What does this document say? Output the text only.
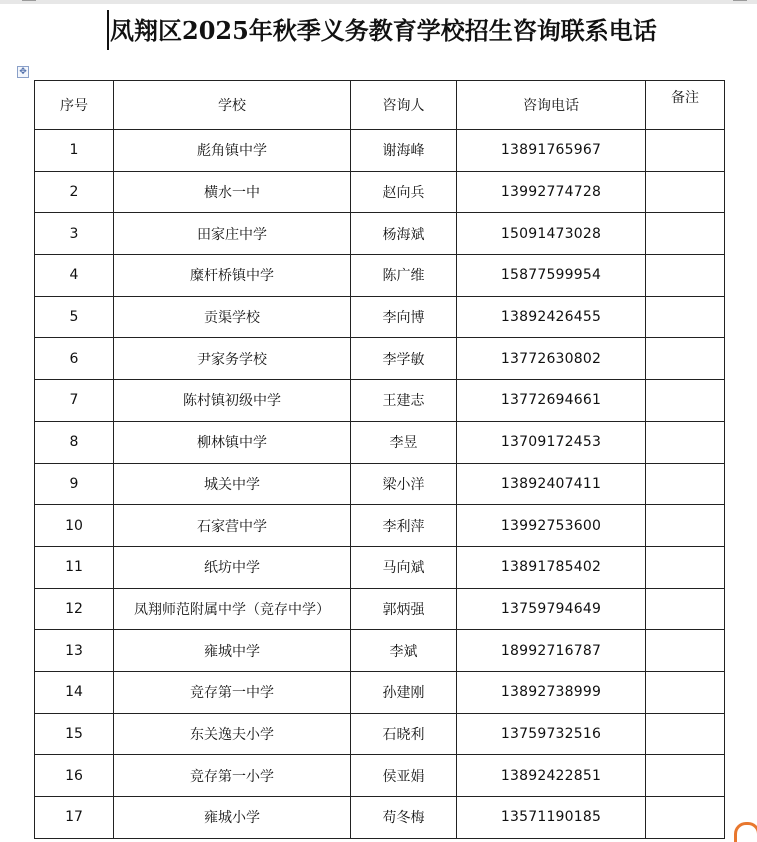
凤翔区2025年秋季义务教育学校招生咨询联系电话
✥
序号	学校	咨询人	咨询电话	备注
1	彪角镇中学	谢海峰	13891765967	
2	横水一中	赵向兵	13992774728	
3	田家庄中学	杨海斌	15091473028	
4	糜杆桥镇中学	陈广维	15877599954	
5	贡渠学校	李向博	13892426455	
6	尹家务学校	李学敏	13772630802	
7	陈村镇初级中学	王建志	13772694661	
8	柳林镇中学	李昱	13709172453	
9	城关中学	梁小洋	13892407411	
10	石家营中学	李利萍	13992753600	
11	纸坊中学	马向斌	13891785402	
12	凤翔师范附属中学（竞存中学）	郭炳强	13759794649	
13	雍城中学	李斌	18992716787	
14	竞存第一中学	孙建刚	13892738999	
15	东关逸夫小学	石晓利	13759732516	
16	竞存第一小学	侯亚娟	13892422851	
17	雍城小学	苟冬梅	13571190185	
